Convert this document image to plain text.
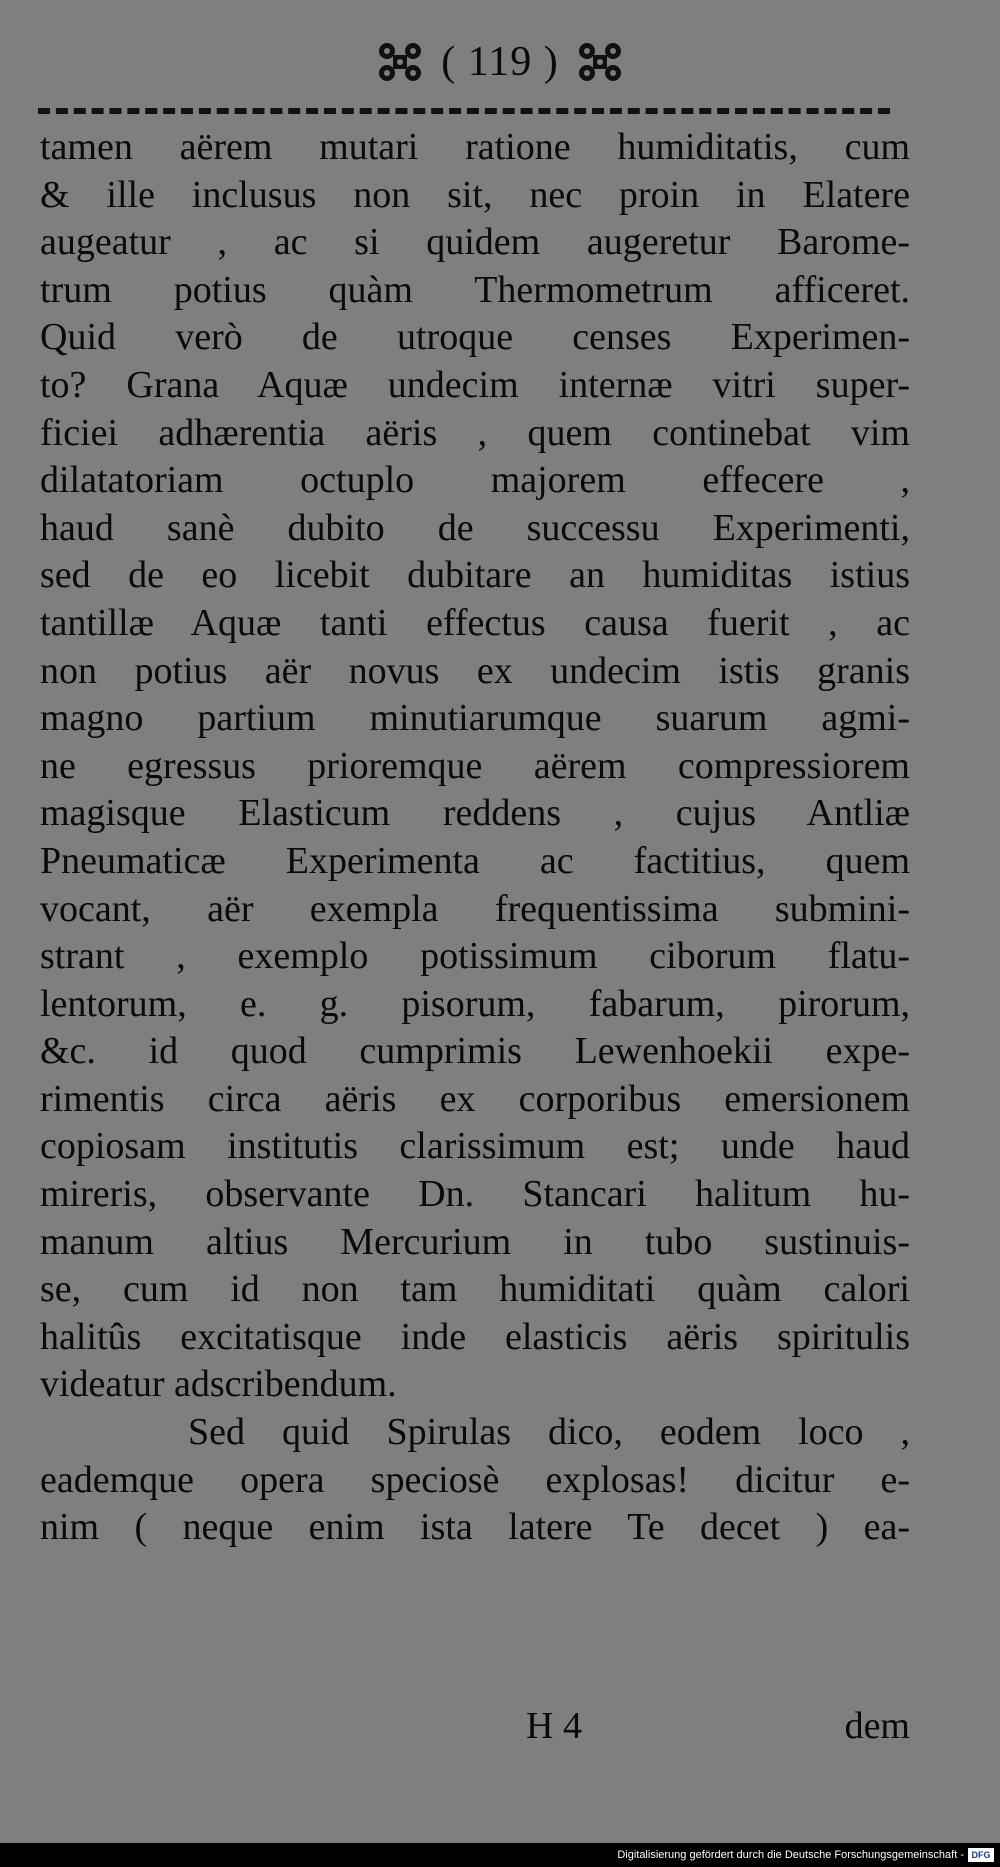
( 119 )
tamen aërem mutari ratione humiditatis, cum
& ille inclusus non sit, nec proin in Elatere
augeatur , ac si quidem augeretur Barome-
trum potius quàm Thermometrum afficeret.
Quid verò de utroque censes Experimen-
to? Grana Aquæ undecim internæ vitri super-
ficiei adhærentia aëris , quem continebat vim
dilatatoriam octuplo majorem effecere ,
haud sanè dubito de successu Experimenti,
sed de eo licebit dubitare an humiditas istius
tantillæ Aquæ tanti effectus causa fuerit , ac
non potius aër novus ex undecim istis granis
magno partium minutiarumque suarum agmi-
ne egressus prioremque aërem compressiorem
magisque Elasticum reddens , cujus Antliæ
Pneumaticæ Experimenta ac factitius, quem
vocant, aër exempla frequentissima submini-
strant , exemplo potissimum ciborum flatu-
lentorum, e. g. pisorum, fabarum, pirorum,
&c. id quod cumprimis Lewenhoekii expe-
rimentis circa aëris ex corporibus emersionem
copiosam institutis clarissimum est; unde haud
mireris, observante Dn. Stancari halitum hu-
manum altius Mercurium in tubo sustinuis-
se, cum id non tam humiditati quàm calori
halitûs excitatisque inde elasticis aëris spiritulis
videatur adscribendum.
Sed quid Spirulas dico, eodem loco ,
eademque opera speciosè explosas! dicitur e-
nim ( neque enim ista latere Te decet ) ea-
H 4	dem
Digitalisierung gefördert durch die Deutsche Forschungsgemeinschaft - DFG
